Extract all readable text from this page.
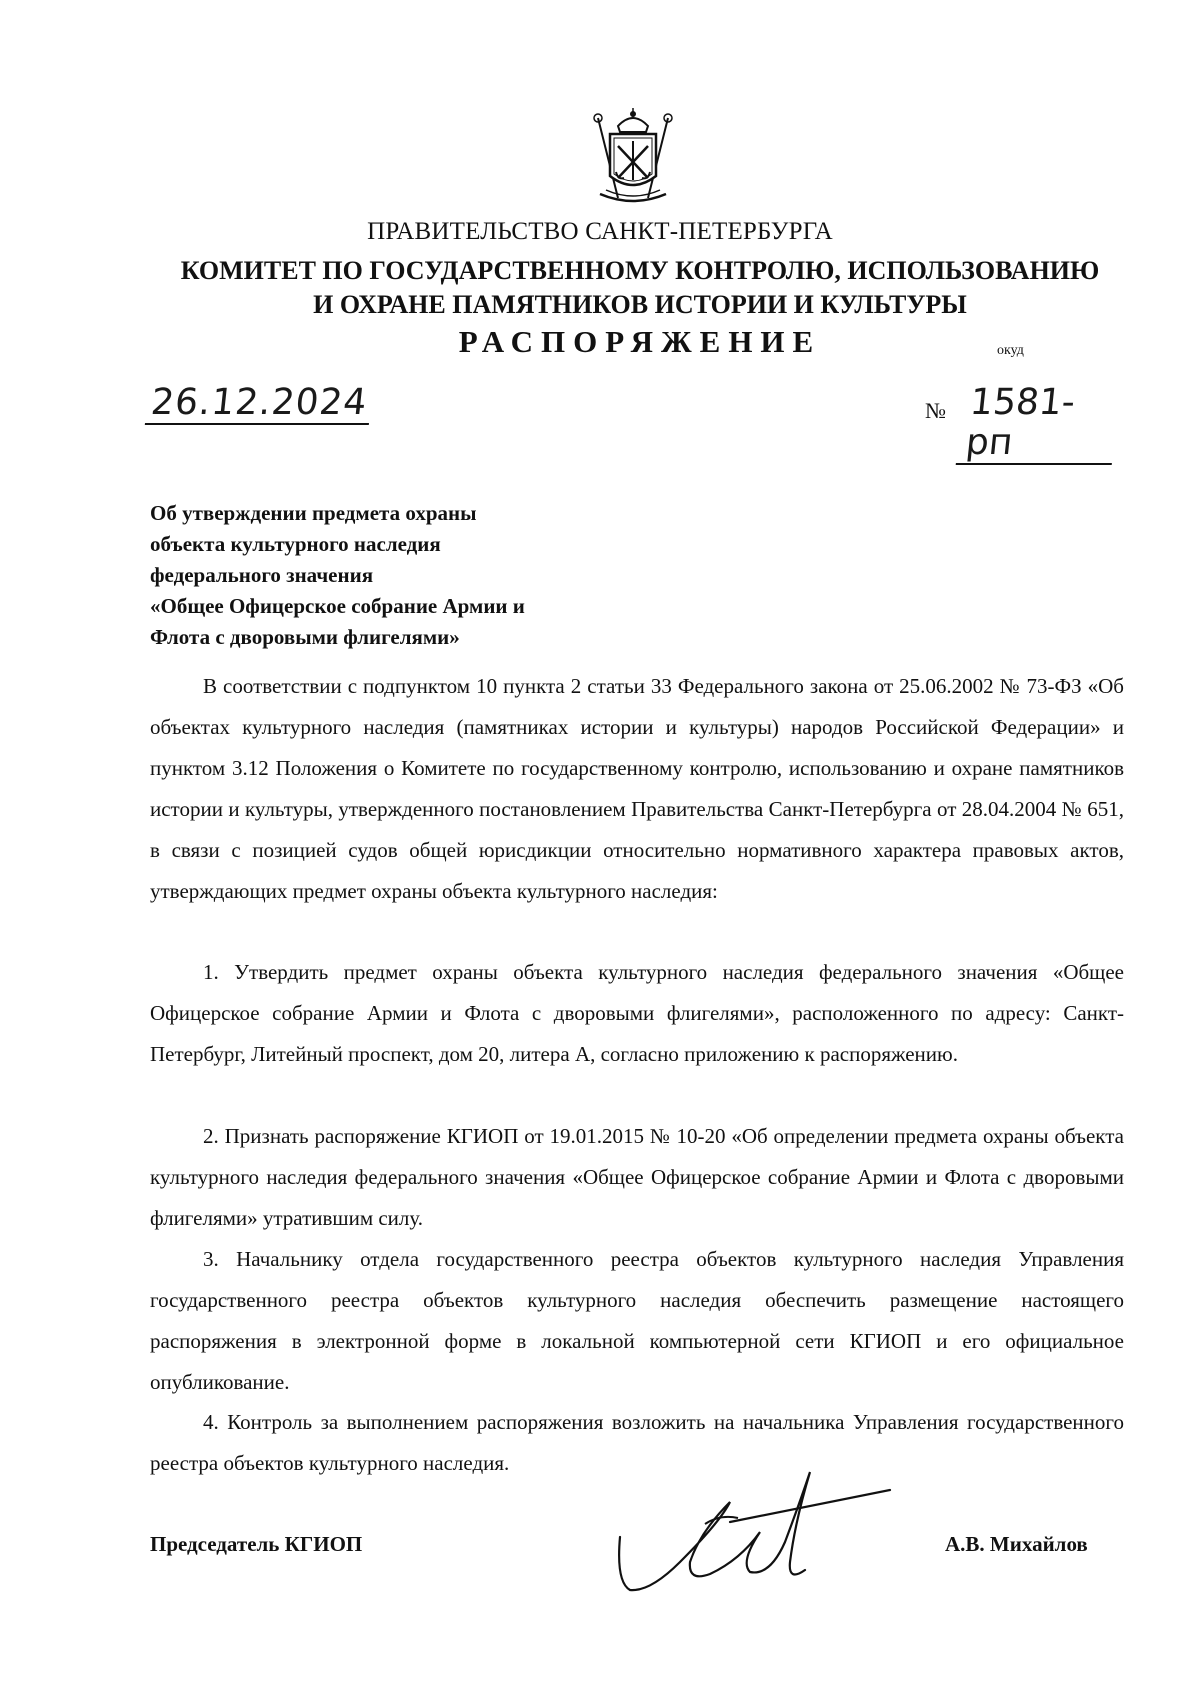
ПРАВИТЕЛЬСТВО САНКТ-ПЕТЕРБУРГА
КОМИТЕТ ПО ГОСУДАРСТВЕННОМУ КОНТРОЛЮ, ИСПОЛЬЗОВАНИЮ
И ОХРАНЕ ПАМЯТНИКОВ ИСТОРИИ И КУЛЬТУРЫ
РАСПОРЯЖЕНИЕ	окуд
26.12.2024	№ 1581-рп
Об утверждении предмета охраны
объекта культурного наследия
федерального значения
«Общее Офицерское собрание Армии и
Флота с дворовыми флигелями»
В соответствии с подпунктом 10 пункта 2 статьи 33 Федерального закона от 25.06.2002 № 73-ФЗ «Об объектах культурного наследия (памятниках истории и культуры) народов Российской Федерации» и пунктом 3.12 Положения о Комитете по государственному контролю, использованию и охране памятников истории и культуры, утвержденного постановлением Правительства Санкт-Петербурга от 28.04.2004 № 651, в связи с позицией судов общей юрисдикции относительно нормативного характера правовых актов, утверждающих предмет охраны объекта культурного наследия:
1. Утвердить предмет охраны объекта культурного наследия федерального значения «Общее Офицерское собрание Армии и Флота с дворовыми флигелями», расположенного по адресу: Санкт-Петербург, Литейный проспект, дом 20, литера А, согласно приложению к распоряжению.
2. Признать распоряжение КГИОП от 19.01.2015 № 10-20 «Об определении предмета охраны объекта культурного наследия федерального значения «Общее Офицерское собрание Армии и Флота с дворовыми флигелями» утратившим силу.
3. Начальнику отдела государственного реестра объектов культурного наследия Управления государственного реестра объектов культурного наследия обеспечить размещение настоящего распоряжения в электронной форме в локальной компьютерной сети КГИОП и его официальное опубликование.
4. Контроль за выполнением распоряжения возложить на начальника Управления государственного реестра объектов культурного наследия.
Председатель КГИОП	А.В. Михайлов
